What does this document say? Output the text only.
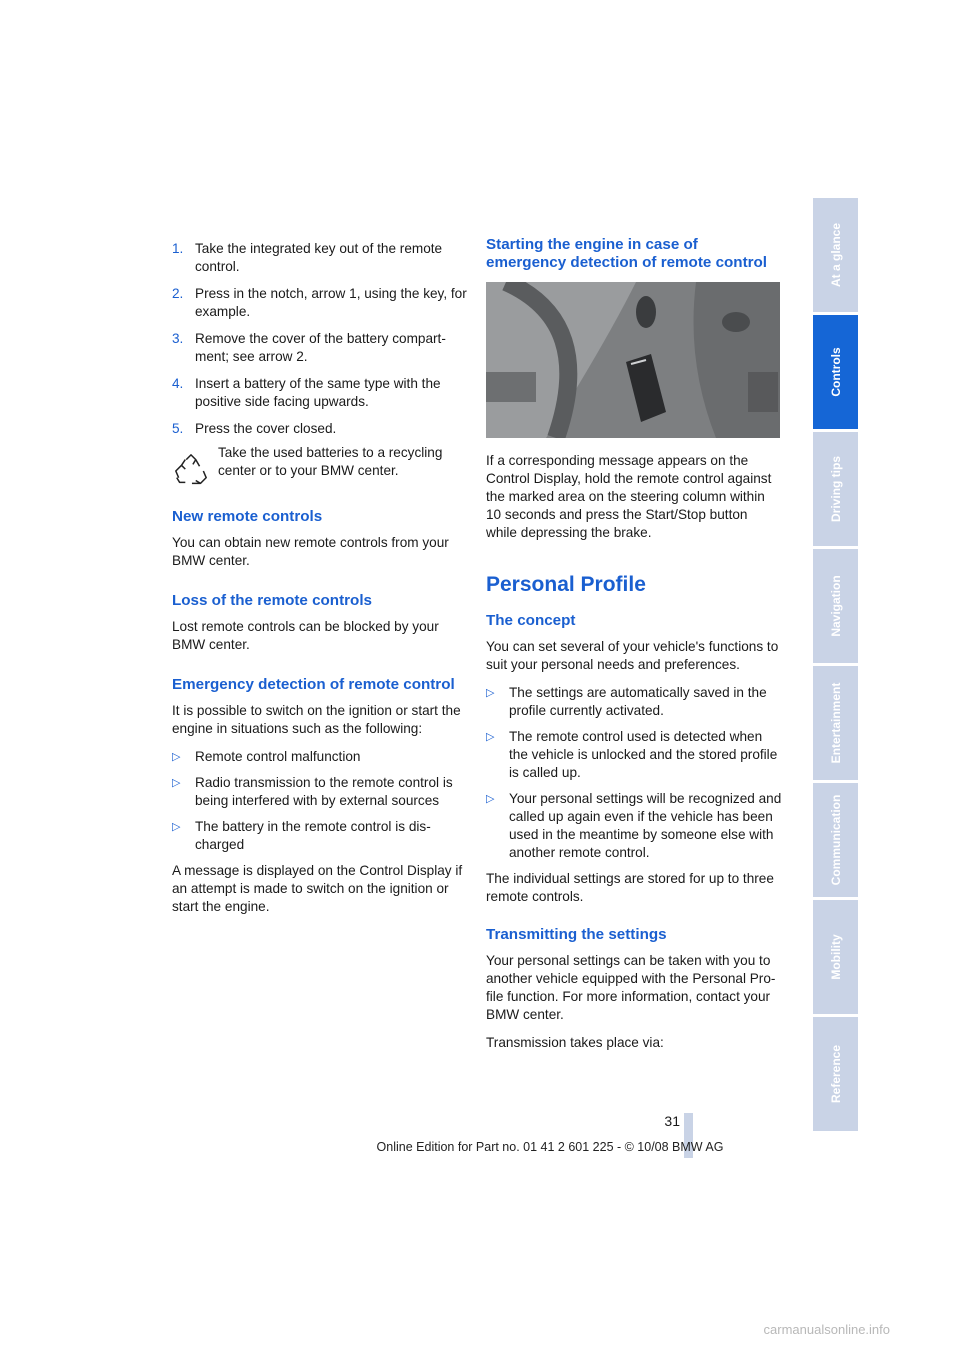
1. Take the integrated key out of the remote control.
2. Press in the notch, arrow 1, using the key, for example.
3. Remove the cover of the battery compart-ment; see arrow 2.
4. Insert a battery of the same type with the positive side facing upwards.
5. Press the cover closed.
Take the used batteries to a recycling center or to your BMW center.
New remote controls

You can obtain new remote controls from your BMW center.

Loss of the remote controls

Lost remote controls can be blocked by your BMW center.

Emergency detection of remote control

It is possible to switch on the ignition or start the engine in situations such as the following:

▷ Remote control malfunction
▷ Radio transmission to the remote control is being interfered with by external sources
▷ The battery in the remote control is dis-charged

A message is displayed on the Control Display if an attempt is made to switch on the ignition or start the engine.

Starting the engine in case of emergency detection of remote control

If a corresponding message appears on the Control Display, hold the remote control against the marked area on the steering column within 10 seconds and press the Start/Stop button while depressing the brake.

Personal Profile
The concept

You can set several of your vehicle's functions to suit your personal needs and preferences.

▷ The settings are automatically saved in the profile currently activated.
▷ The remote control used is detected when the vehicle is unlocked and the stored profile is called up.
▷ Your personal settings will be recognized and called up again even if the vehicle has been used in the meantime by someone else with another remote control.

The individual settings are stored for up to three remote controls.

Transmitting the settings

Your personal settings can be taken with you to another vehicle equipped with the Personal Pro-file function. For more information, contact your BMW center.

Transmission takes place via:

At a glance
Controls
Driving tips
Navigation
Entertainment
Communication
Mobility
Reference
31
Online Edition for Part no. 01 41 2 601 225 - © 10/08 BMW AG
carmanualsonline.info
